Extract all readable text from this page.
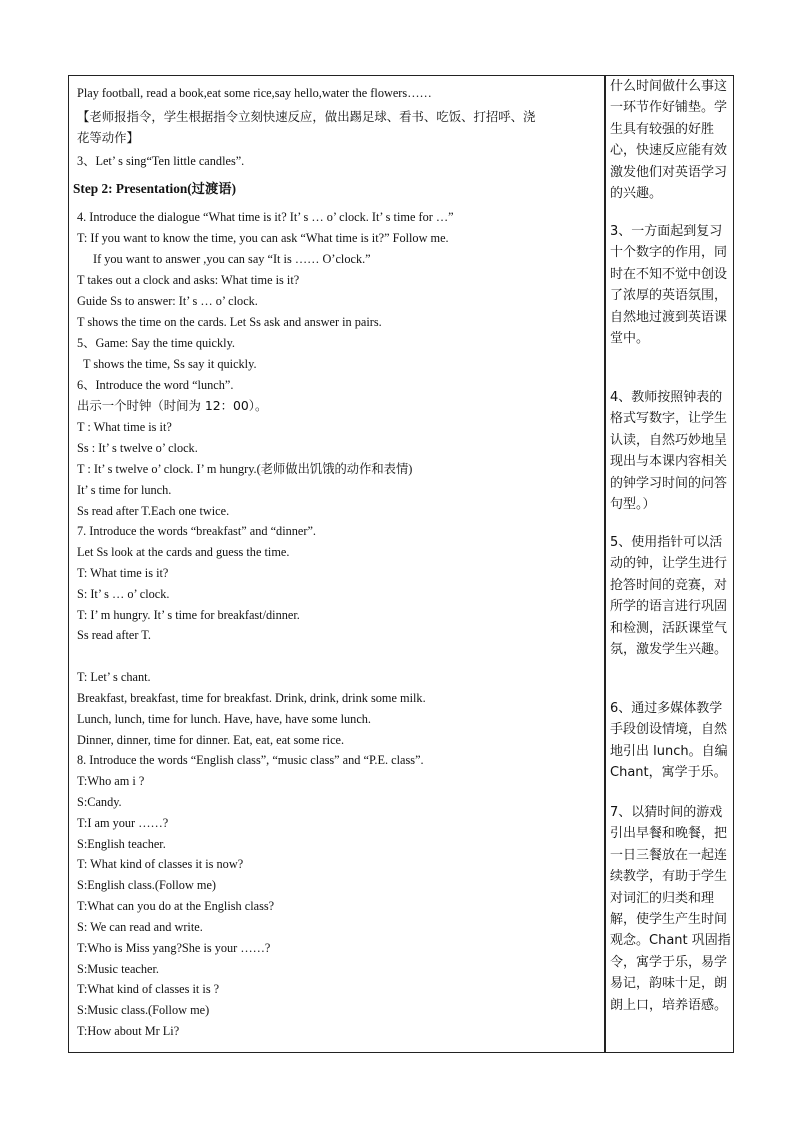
Play football, read a book,eat some rice,say hello,water the flowers……
【老师报指令，学生根据指令立刻快速反应，做出踢足球、看书、吃饭、打招呼、浇
花等动作】
3、Let’ s sing“Ten little candles”.
Step 2: Presentation(过渡语)
4. Introduce the dialogue “What time is it? It’ s … o’ clock. It’ s time for …”
T: If you want to know the time, you can ask “What time is it?” Follow me.
If you want to answer ,you can say “It is …… O’clock.”
T takes out a clock and asks: What time is it?
Guide Ss to answer: It’ s … o’ clock.
T shows the time on the cards. Let Ss ask and answer in pairs.
5、Game: Say the time quickly.
T shows the time, Ss say it quickly.
6、Introduce the word “lunch”.
出示一个时钟（时间为 12：00）。
T : What time is it?
Ss : It’ s twelve o’ clock.
T : It’ s twelve o’ clock. I’ m hungry.(老师做出饥饿的动作和表情)
It’ s time for lunch.
Ss read after T.Each one twice.
7. Introduce the words “breakfast” and “dinner”.
Let Ss look at the cards and guess the time.
T: What time is it?
S: It’ s … o’ clock.
T: I’ m hungry. It’ s time for breakfast/dinner.
Ss read after T.
T: Let’ s chant.
Breakfast, breakfast, time for breakfast. Drink, drink, drink some milk.
Lunch, lunch, time for lunch. Have, have, have some lunch.
Dinner, dinner, time for dinner. Eat, eat, eat some rice.
8. Introduce the words “English class”, “music class” and “P.E. class”.
T:Who am i ?
S:Candy.
T:I am your ……?
S:English teacher.
T: What kind of classes it is now?
S:English class.(Follow me)
T:What can you do at the English class?
S: We can read and write.
T:Who is Miss yang?She is your ……?
S:Music teacher.
T:What kind of classes it is ?
S:Music class.(Follow me)
T:How about Mr Li?
什么时间做什么事这一环节作好铺垫。学生具有较强的好胜心，快速反应能有效激发他们对英语学习的兴趣。
3、一方面起到复习十个数字的作用，同时在不知不觉中创设了浓厚的英语氛围，自然地过渡到英语课堂中。
4、教师按照钟表的格式写数字，让学生认读，自然巧妙地呈现出与本课内容相关的钟学习时间的问答句型。）
5、使用指针可以活动的钟，让学生进行抢答时间的竞赛，对所学的语言进行巩固和检测，活跃课堂气氛，激发学生兴趣。
6、通过多媒体教学手段创设情境，自然地引出 lunch。自编 Chant，寓学于乐。
7、以猜时间的游戏引出早餐和晚餐，把一日三餐放在一起连续教学，有助于学生对词汇的归类和理解，使学生产生时间观念。Chant 巩固指令，寓学于乐，易学易记，韵味十足，朗朗上口，培养语感。
